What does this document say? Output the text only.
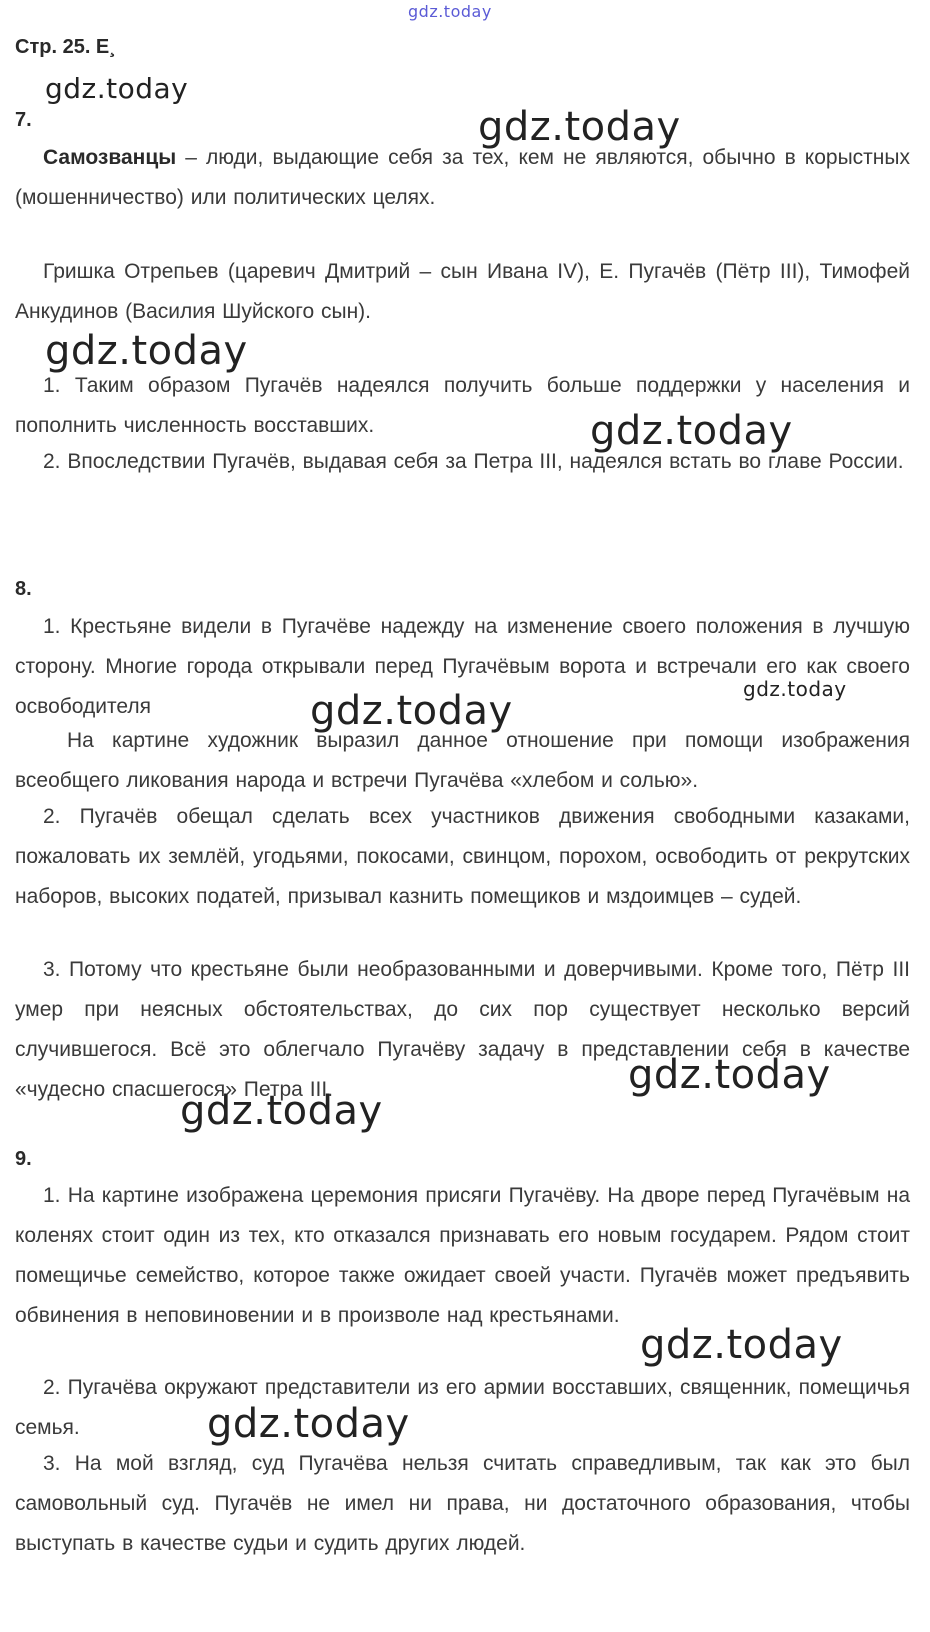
gdz.today
Стр. 25. Е¸
gdz.today
7.	gdz.today

Самозванцы – люди, выдающие себя за тех, кем не являются, обычно в корыстных (мошенничество) или политических целях.

Гришка Отрепьев (царевич Дмитрий – сын Ивана IV), Е. Пугачёв (Пётр III), Тимофей Анкудинов (Василия Шуйского сын).

gdz.today

1. Таким образом Пугачёв надеялся получить больше поддержки у населения и пополнить численность восставших.	gdz.today

2. Впоследствии Пугачёв, выдавая себя за Петра III, надеялся встать во главе России.

8.

1. Крестьяне видели в Пугачёве надежду на изменение своего положения в лучшую сторону. Многие города открывали перед Пугачёвым ворота и встречали его как своего освободителя

gdz.today
gdz.today

На картине художник выразил данное отношение при помощи изображения всеобщего ликования народа и встречи Пугачёва «хлебом и солью».

2. Пугачёв обещал сделать всех участников движения свободными казаками, пожаловать их землёй, угодьями, покосами, свинцом, порохом, освободить от рекрутских наборов, высоких податей, призывал казнить помещиков и мздоимцев – судей.

3. Потому что крестьяне были необразованными и доверчивыми. Кроме того, Пётр III умер при неясных обстоятельствах, до сих пор существует несколько версий случившегося. Всё это облегчало Пугачёву задачу в представлении себя в качестве «чудесно спасшегося» Петра III.	gdz.today
gdz.today
9.

1. На картине изображена церемония присяги Пугачёву. На дворе перед Пугачёвым на коленях стоит один из тех, кто отказался признавать его новым государем. Рядом стоит помещичье семейство, которое также ожидает своей участи. Пугачёв может предъявить обвинения в неповиновении и в произволе над крестьянами.

gdz.today

2. Пугачёва окружают представители из его армии восставших, священник, помещичья семья.	gdz.today

3. На мой взгляд, суд Пугачёва нельзя считать справедливым, так как это был самовольный суд. Пугачёв не имел ни права, ни достаточного образования, чтобы выступать в качестве судьи и судить других людей.
